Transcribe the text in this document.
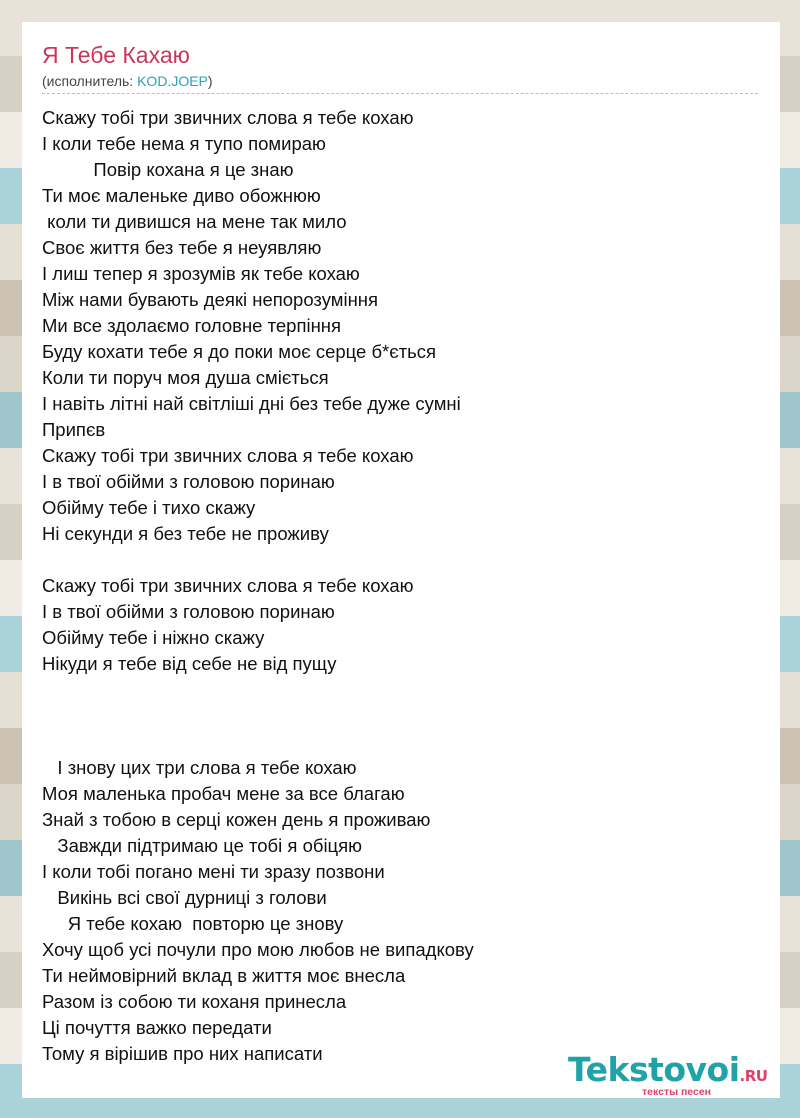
Я Тебе Кахаю
(исполнитель: KOD.JOEP)
Скажу тобі три звичних слова я тебе кохаю
І коли тебе нема я тупо помираю
Повір кохана я це знаю
Ти моє маленьке диво обожнюю
коли ти дивишся на мене так мило
Своє життя без тебе я неуявляю
І лиш тепер я зрозумів як тебе кохаю
Між нами бувають деякі непорозуміння
Ми все здолаємо головне терпіння
Буду кохати тебе я до поки моє серце б*ється
Коли ти поруч моя душа сміється
І навіть літні най світліші дні без тебе дуже сумні
Припєв
Скажу тобі три звичних слова я тебе кохаю
І в твої обійми з головою поринаю
Обійму тебе і тихо скажу
Ні секунди я без тебе не проживу
Скажу тобі три звичних слова я тебе кохаю
І в твої обійми з головою поринаю
Обійму тебе і ніжно скажу
Нікуди я тебе від себе не від пущу
І знову цих три слова я тебе кохаю
Моя маленька пробач мене за все благаю
Знай з тобою в серці кожен день я проживаю
Завжди підтримаю це тобі я обіцяю
І коли тобі погано мені ти зразу позвони
Викінь всі свої дурниці з голови
Я тебе кохаю  повторю це знову
Хочу щоб усі почули про мою любов не випадкову
Ти неймовірний вклад в життя моє внесла
Разом із собою ти коханя принесла
Ці почуття важко передати
Тому я вірішив про них написати	Tekstovoi.RU
тексты песен
